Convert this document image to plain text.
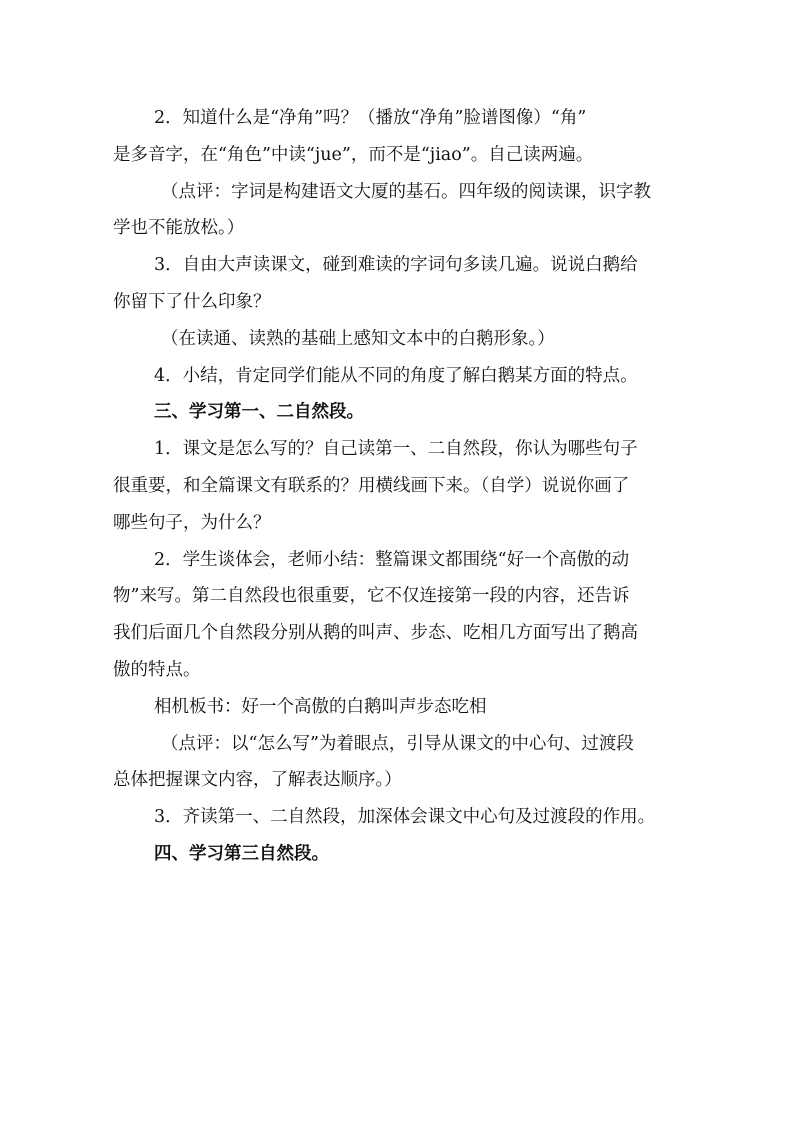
2．知道什么是“净角”吗？（播放“净角”脸谱图像）“角”

是多音字，在“角色”中读“jue”，而不是“jiao”。自己读两遍。

（点评：字词是构建语文大厦的基石。四年级的阅读课，识字教

学也不能放松。）

3．自由大声读课文，碰到难读的字词句多读几遍。说说白鹅给

你留下了什么印象？

（在读通、读熟的基础上感知文本中的白鹅形象。）

4．小结，肯定同学们能从不同的角度了解白鹅某方面的特点。

三、学习第一、二自然段。

1．课文是怎么写的？自己读第一、二自然段，你认为哪些句子

很重要，和全篇课文有联系的？用横线画下来。（自学）说说你画了

哪些句子，为什么？

2．学生谈体会，老师小结：整篇课文都围绕“好一个高傲的动

物”来写。第二自然段也很重要，它不仅连接第一段的内容，还告诉

我们后面几个自然段分别从鹅的叫声、步态、吃相几方面写出了鹅高

傲的特点。

相机板书：好一个高傲的白鹅叫声步态吃相

（点评：以“怎么写”为着眼点，引导从课文的中心句、过渡段

总体把握课文内容，了解表达顺序。）

3．齐读第一、二自然段，加深体会课文中心句及过渡段的作用。

四、学习第三自然段。
